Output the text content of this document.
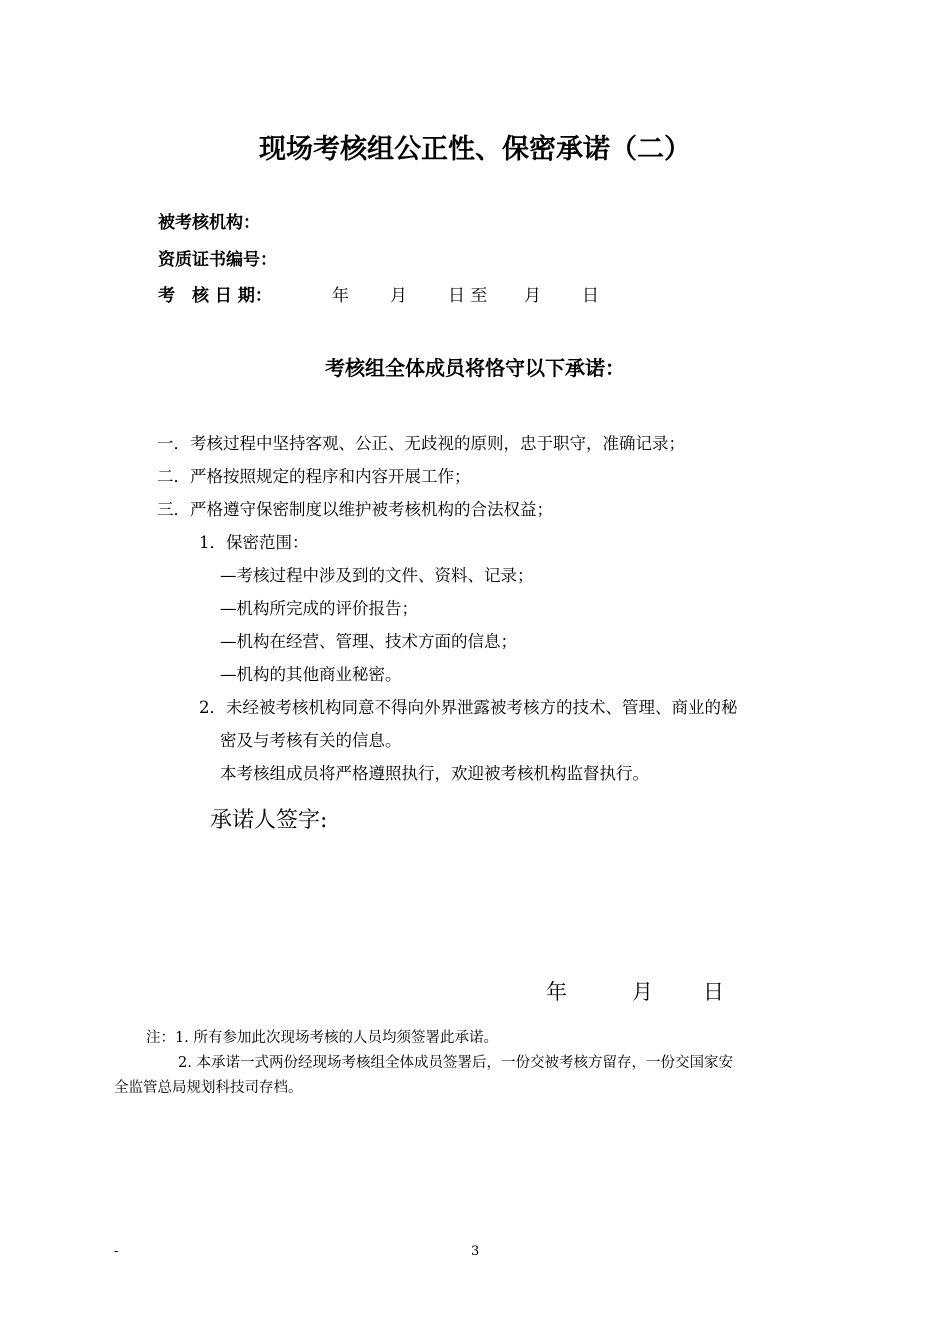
现场考核组公正性、保密承诺（二）
被考核机构：
资质证书编号：
考　核 日 期：	年 月 日 至 月 日
考核组全体成员将恪守以下承诺：
一．考核过程中坚持客观、公正、无歧视的原则，忠于职守，准确记录；
二．严格按照规定的程序和内容开展工作；
三．严格遵守保密制度以维护被考核机构的合法权益；
1．保密范围：
—考核过程中涉及到的文件、资料、记录；
—机构所完成的评价报告；
—机构在经营、管理、技术方面的信息；
—机构的其他商业秘密。
2．未经被考核机构同意不得向外界泄露被考核方的技术、管理、商业的秘
密及与考核有关的信息。
本考核组成员将严格遵照执行，欢迎被考核机构监督执行。
承诺人签字:
年	月 日
注：1. 所有参加此次现场考核的人员均须签署此承诺。
2. 本承诺一式两份经现场考核组全体成员签署后，一份交被考核方留存，一份交国家安
全监管总局规划科技司存档。
-	3
